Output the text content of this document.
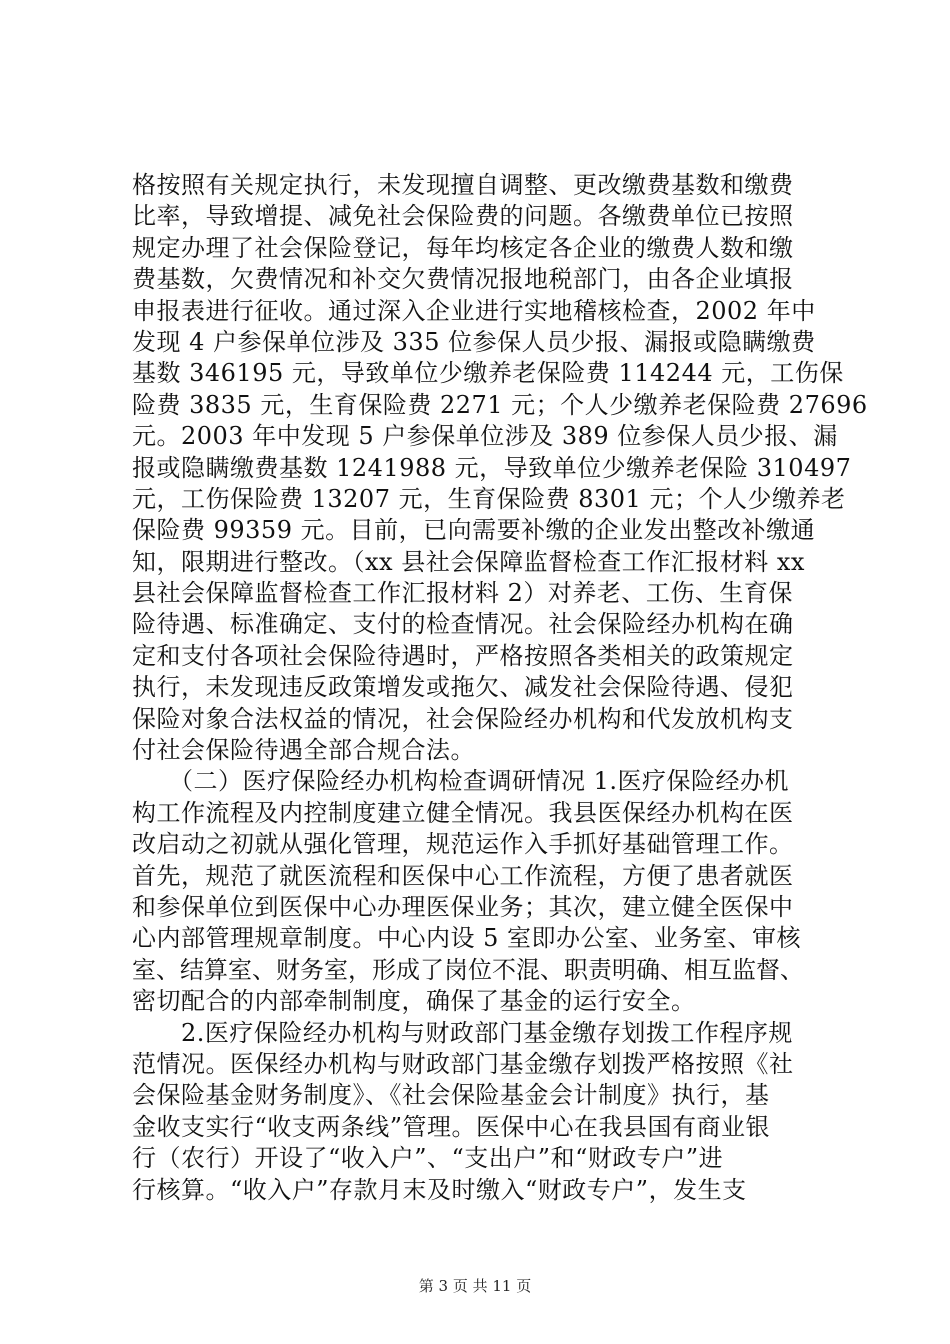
格按照有关规定执行，未发现擅自调整、更改缴费基数和缴费
比率，导致增提、减免社会保险费的问题。各缴费单位已按照
规定办理了社会保险登记，每年均核定各企业的缴费人数和缴
费基数，欠费情况和补交欠费情况报地税部门，由各企业填报
申报表进行征收。通过深入企业进行实地稽核检查，2002 年中
发现 4 户参保单位涉及 335 位参保人员少报、漏报或隐瞒缴费
基数 346195 元，导致单位少缴养老保险费 114244 元，工伤保
险费 3835 元，生育保险费 2271 元；个人少缴养老保险费 27696
元。2003 年中发现 5 户参保单位涉及 389 位参保人员少报、漏
报或隐瞒缴费基数 1241988 元，导致单位少缴养老保险 310497
元，工伤保险费 13207 元，生育保险费 8301 元；个人少缴养老
保险费 99359 元。目前，已向需要补缴的企业发出整改补缴通
知，限期进行整改。（xx 县社会保障监督检查工作汇报材料 xx
县社会保障监督检查工作汇报材料 2）对养老、工伤、生育保
险待遇、标准确定、支付的检查情况。社会保险经办机构在确
定和支付各项社会保险待遇时，严格按照各类相关的政策规定
执行，未发现违反政策增发或拖欠、减发社会保险待遇、侵犯
保险对象合法权益的情况，社会保险经办机构和代发放机构支
付社会保险待遇全部合规合法。
　　（二）医疗保险经办机构检查调研情况 1.医疗保险经办机
构工作流程及内控制度建立健全情况。我县医保经办机构在医
改启动之初就从强化管理，规范运作入手抓好基础管理工作。
首先，规范了就医流程和医保中心工作流程，方便了患者就医
和参保单位到医保中心办理医保业务；其次，建立健全医保中
心内部管理规章制度。中心内设 5 室即办公室、业务室、审核
室、结算室、财务室，形成了岗位不混、职责明确、相互监督、
密切配合的内部牵制制度，确保了基金的运行安全。
　　2.医疗保险经办机构与财政部门基金缴存划拨工作程序规
范情况。医保经办机构与财政部门基金缴存划拨严格按照《社
会保险基金财务制度》、《社会保险基金会计制度》执行，基
金收支实行“收支两条线”管理。医保中心在我县国有商业银
行（农行）开设了“收入户”、“支出户”和“财政专户”进
行核算。“收入户”存款月末及时缴入“财政专户”，发生支
第 3 页 共 11 页
